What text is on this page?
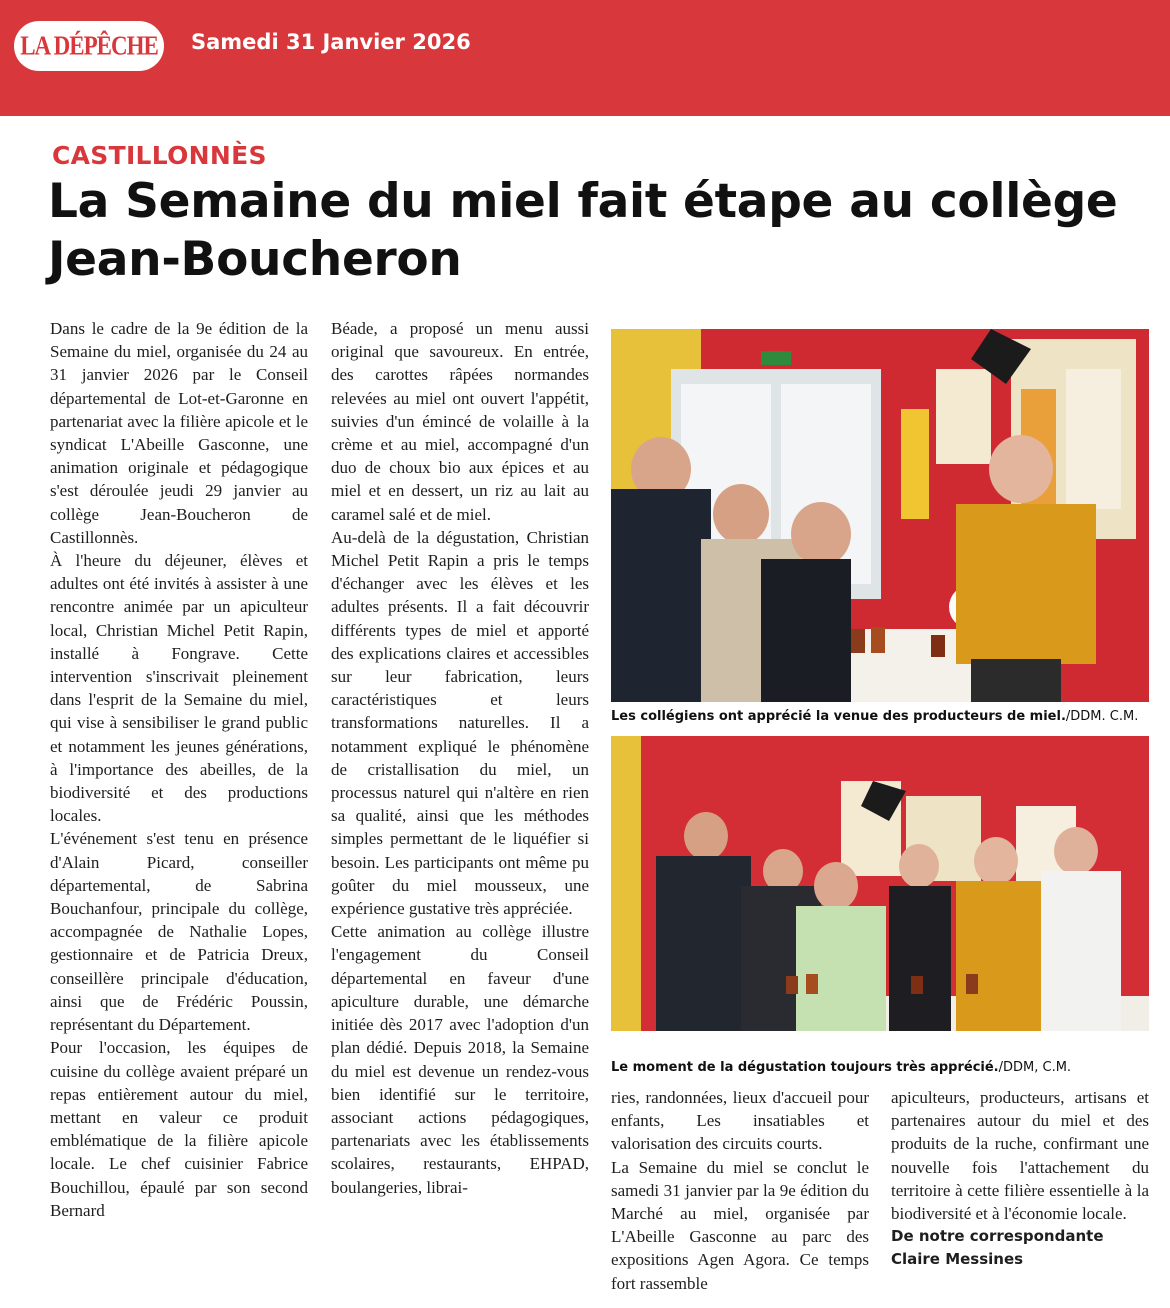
LA DÉPÊCHE Samedi 31 Janvier 2026
CASTILLONNÈS
La Semaine du miel fait étape au collège Jean-Boucheron

Dans le cadre de la 9e édition de la Semaine du miel, organisée du 24 au 31 janvier 2026 par le Conseil départemental de Lot-et-Garonne en partenariat avec la filière apicole et le syndicat L'Abeille Gasconne, une animation originale et pédagogique s'est déroulée jeudi 29 janvier au collège Jean-Boucheron de Castillonnès.

À l'heure du déjeuner, élèves et adultes ont été invités à assister à une rencontre animée par un apiculteur local, Christian Michel Petit Rapin, installé à Fongrave. Cette intervention s'inscrivait pleinement dans l'esprit de la Semaine du miel, qui vise à sensibiliser le grand public et notamment les jeunes générations, à l'importance des abeilles, de la biodiversité et des productions locales.

L'événement s'est tenu en présence d'Alain Picard, conseiller départemental, de Sabrina Bouchanfour, principale du collège, accompagnée de Nathalie Lopes, gestionnaire et de Patricia Dreux, conseillère principale d'éducation, ainsi que de Frédéric Poussin, représentant du Département.

Pour l'occasion, les équipes de cuisine du collège avaient préparé un repas entièrement autour du miel, mettant en valeur ce produit emblématique de la filière apicole locale. Le chef cuisinier Fabrice Bouchillou, épaulé par son second Bernard

Béade, a proposé un menu aussi original que savoureux. En entrée, des carottes râpées normandes relevées au miel ont ouvert l'appétit, suivies d'un émincé de volaille à la crème et au miel, accompagné d'un duo de choux bio aux épices et au miel et en dessert, un riz au lait au caramel salé et de miel.

Au-delà de la dégustation, Christian Michel Petit Rapin a pris le temps d'échanger avec les élèves et les adultes présents. Il a fait découvrir différents types de miel et apporté des explications claires et accessibles sur leur fabrication, leurs caractéristiques et leurs transformations naturelles. Il a notamment expliqué le phénomène de cristallisation du miel, un processus naturel qui n'altère en rien sa qualité, ainsi que les méthodes simples permettant de le liquéfier si besoin. Les participants ont même pu goûter du miel mousseux, une expérience gustative très appréciée.

Cette animation au collège illustre l'engagement du Conseil départemental en faveur d'une apiculture durable, une démarche initiée dès 2017 avec l'adoption d'un plan dédié. Depuis 2018, la Semaine du miel est devenue un rendez-vous bien identifié sur le territoire, associant actions pédagogiques, partenariats avec les établissements scolaires, restaurants, EHPAD, boulangeries, librai-

Les collégiens ont apprécié la venue des producteurs de miel./DDM. C.M.
Le moment de la dégustation toujours très apprécié./DDM, C.M.

ries, randonnées, lieux d'accueil pour enfants, Les insatiables et valorisation des circuits courts.

La Semaine du miel se conclut le samedi 31 janvier par la 9e édition du Marché au miel, organisée par L'Abeille Gasconne au parc des expositions Agen Agora. Ce temps fort rassemble

apiculteurs, producteurs, artisans et partenaires autour du miel et des produits de la ruche, confirmant une nouvelle fois l'attachement du territoire à cette filière essentielle à la biodiversité et à l'économie locale.

De notre correspondante
Claire Messines
